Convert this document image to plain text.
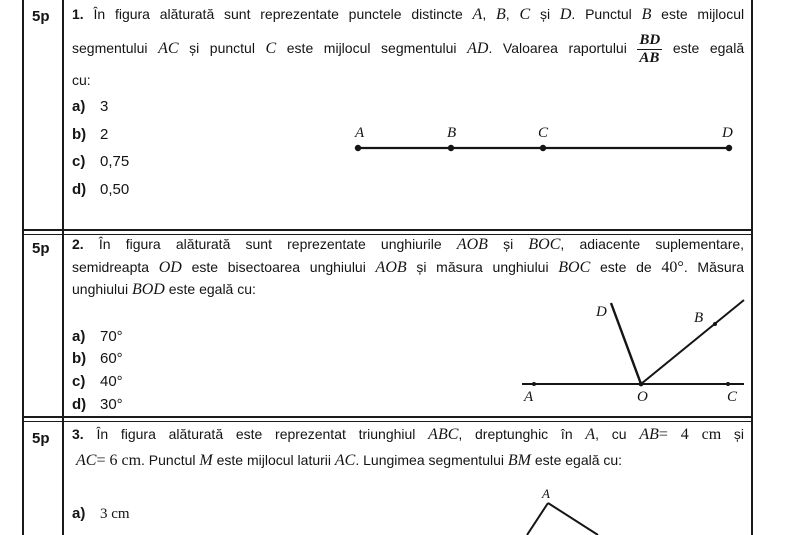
5p 1. În figura alăturată sunt reprezentate punctele distincte A, B, C și D. Punctul B este mijlocul
segmentului AC și punctul C este mijlocul segmentului AD. Valoarea raportului $\frac{BD}{AB}$ este egală
cu:
a) 3
b) 2
c) 0,75
d) 0,50
A	B	C	D
5p 2. În figura alăturată sunt reprezentate unghiurile AOB și BOC, adiacente suplementare,
semidreapta OD este bisectoarea unghiului AOB și măsura unghiului BOC este de 40°. Măsura
unghiului BOD este egală cu:
a) 70°
b) 60°
c) 40°
d) 30°
D	B
A	O	C
5p 3. În figura alăturată este reprezentat triunghiul ABC, dreptunghic în A, cu AB= 4 cm și
AC= 6 cm. Punctul M este mijlocul laturii AC. Lungimea segmentului BM este egală cu:
a) 3 cm
A
